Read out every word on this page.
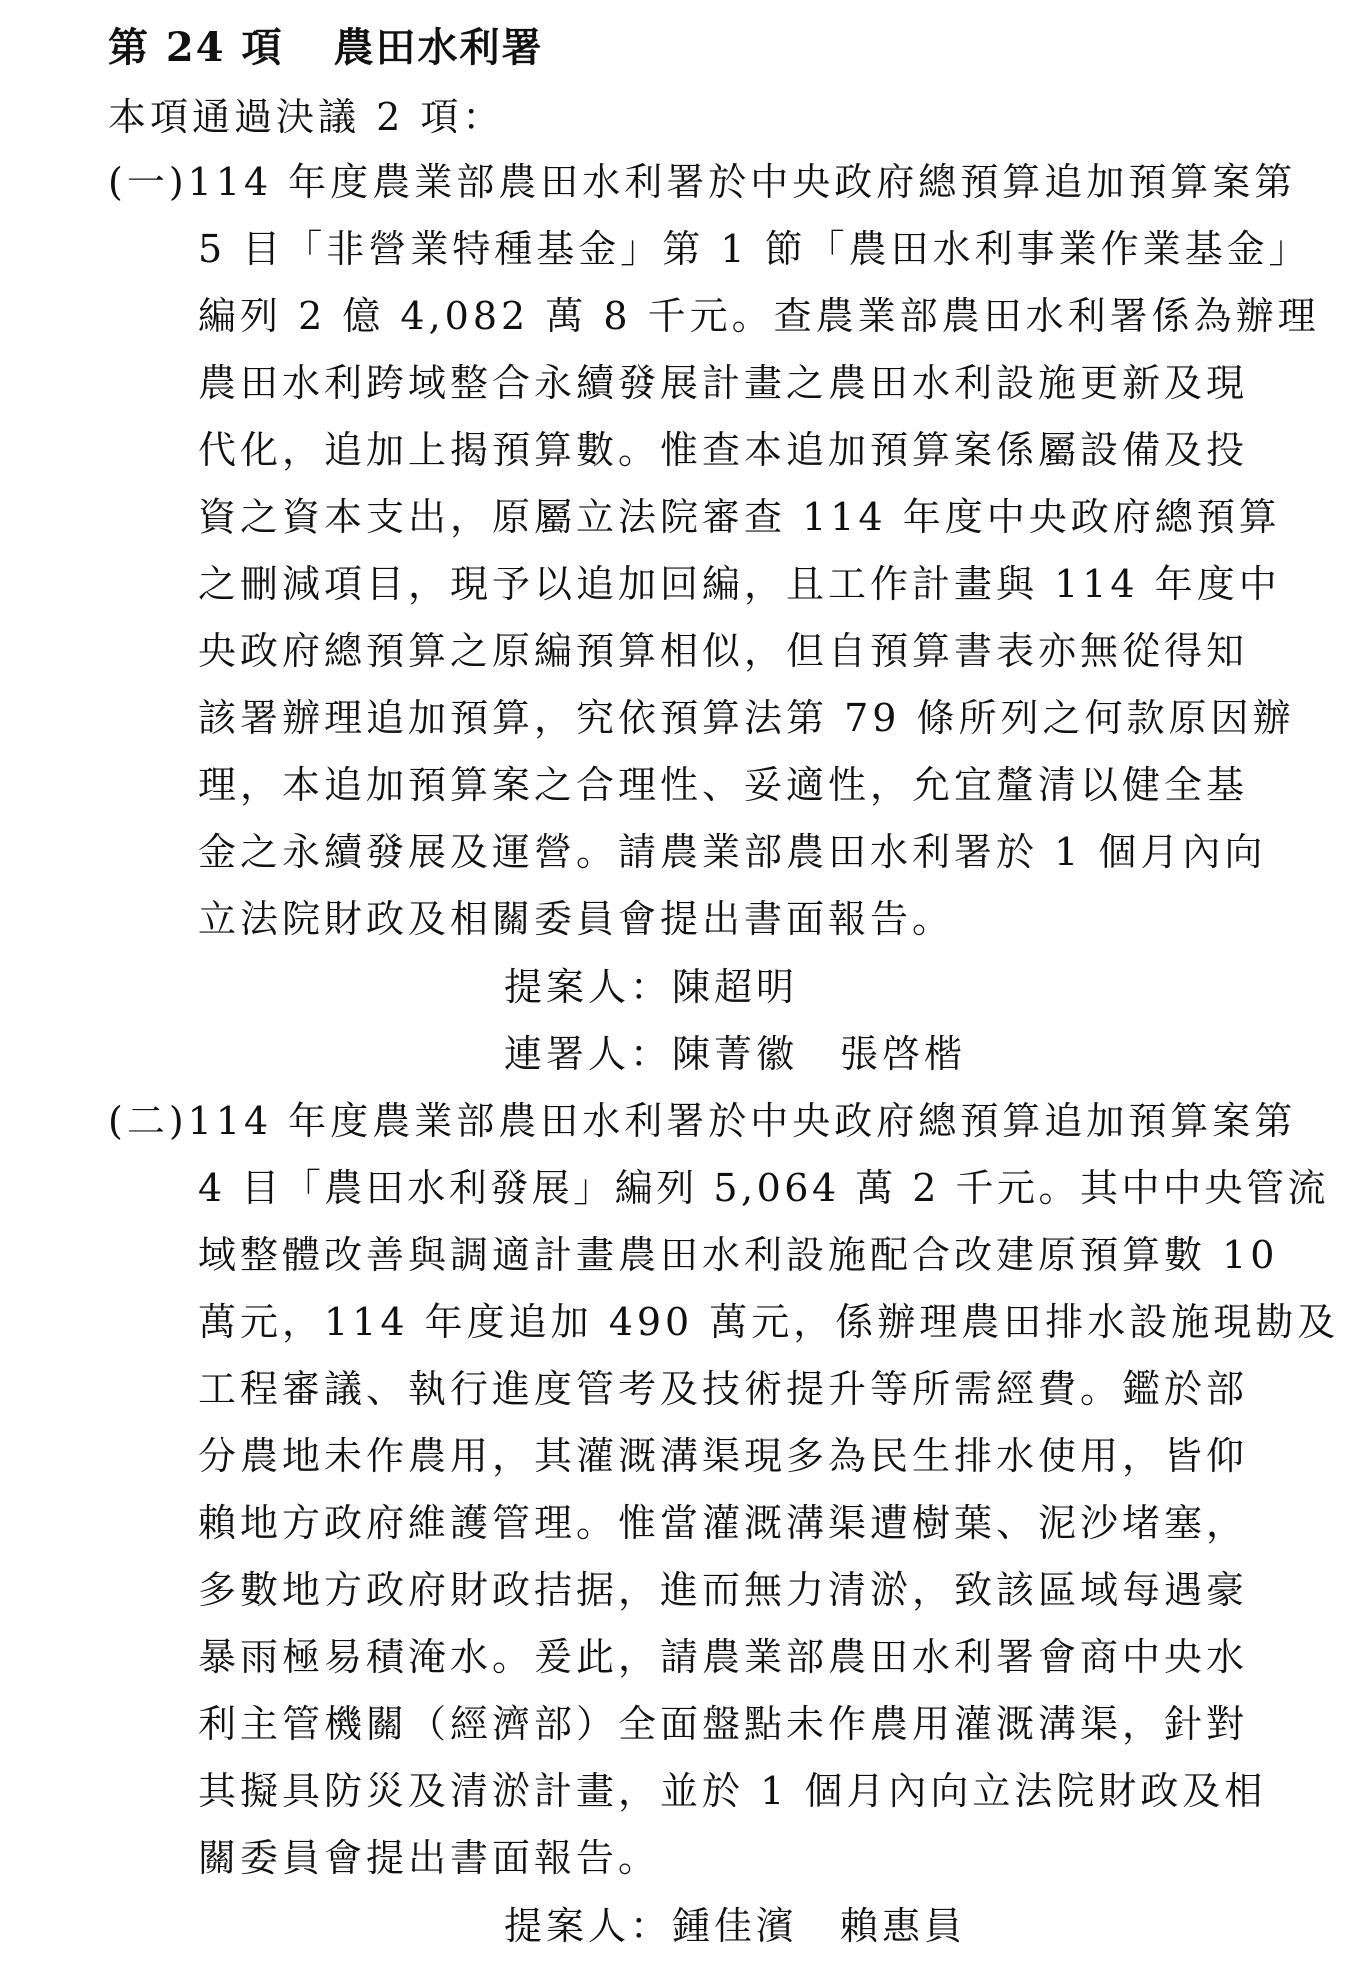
第 24 項 農田水利署
本項通過決議 2 項：
(一)114 年度農業部農田水利署於中央政府總預算追加預算案第
5 目「非營業特種基金」第 1 節「農田水利事業作業基金」
編列 2 億 4,082 萬 8 千元。查農業部農田水利署係為辦理
農田水利跨域整合永續發展計畫之農田水利設施更新及現
代化，追加上揭預算數。惟查本追加預算案係屬設備及投
資之資本支出，原屬立法院審查 114 年度中央政府總預算
之刪減項目，現予以追加回編，且工作計畫與 114 年度中
央政府總預算之原編預算相似，但自預算書表亦無從得知
該署辦理追加預算，究依預算法第 79 條所列之何款原因辦
理，本追加預算案之合理性、妥適性，允宜釐清以健全基
金之永續發展及運營。請農業部農田水利署於 1 個月內向
立法院財政及相關委員會提出書面報告。
提案人：陳超明
連署人：陳菁徽　張啓楷
(二)114 年度農業部農田水利署於中央政府總預算追加預算案第
4 目「農田水利發展」編列 5,064 萬 2 千元。其中中央管流
域整體改善與調適計畫農田水利設施配合改建原預算數 10
萬元，114 年度追加 490 萬元，係辦理農田排水設施現勘及
工程審議、執行進度管考及技術提升等所需經費。鑑於部
分農地未作農用，其灌溉溝渠現多為民生排水使用，皆仰
賴地方政府維護管理。惟當灌溉溝渠遭樹葉、泥沙堵塞，
多數地方政府財政拮据，進而無力清淤，致該區域每遇豪
暴雨極易積淹水。爰此，請農業部農田水利署會商中央水
利主管機關（經濟部）全面盤點未作農用灌溉溝渠，針對
其擬具防災及清淤計畫，並於 1 個月內向立法院財政及相
關委員會提出書面報告。
提案人：鍾佳濱　賴惠員
